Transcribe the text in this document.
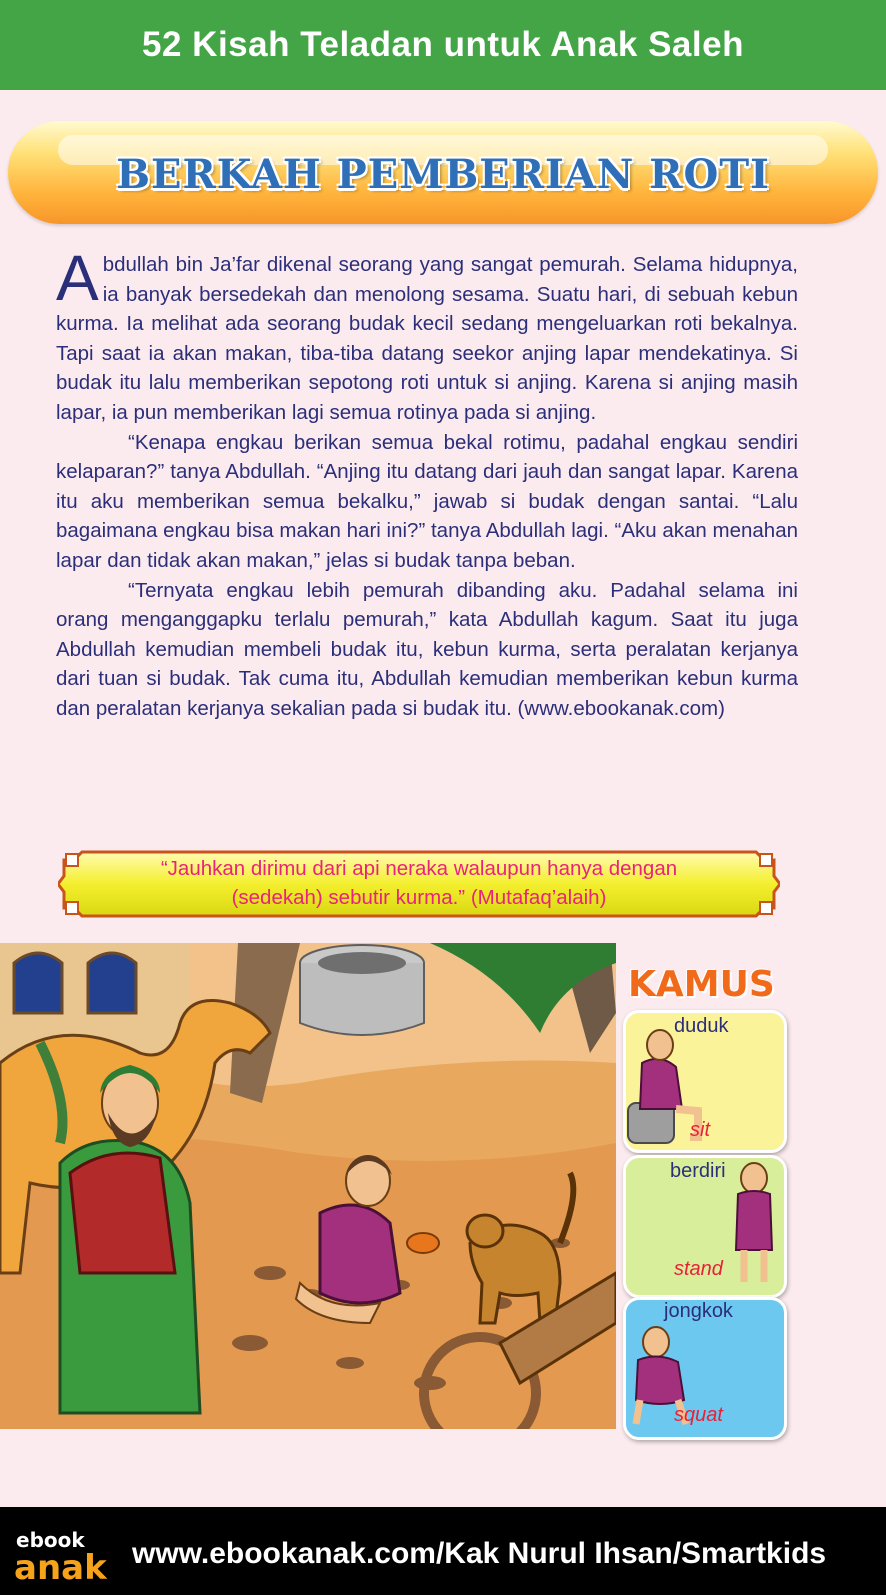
52 Kisah Teladan untuk Anak Saleh
BERKAH PEMBERIAN ROTI

Abdullah bin Ja’far dikenal seorang yang sangat pemurah. Selama hidupnya, ia banyak bersedekah dan menolong sesama. Suatu hari, di sebuah kebun kurma. Ia melihat ada seorang budak kecil sedang mengeluarkan roti bekalnya. Tapi saat ia akan makan, tiba-tiba datang seekor anjing lapar mendekatinya. Si budak itu lalu memberikan sepotong roti untuk si anjing. Karena si anjing masih lapar, ia pun memberikan lagi semua rotinya pada si anjing.

“Kenapa engkau berikan semua bekal rotimu, padahal engkau sendiri kelaparan?” tanya Abdullah. “Anjing itu datang dari jauh dan sangat lapar. Karena itu aku memberikan semua bekalku,” jawab si budak dengan santai. “Lalu bagaimana engkau bisa makan hari ini?” tanya Abdullah lagi. “Aku akan menahan lapar dan tidak akan makan,” jelas si budak tanpa beban.

“Ternyata engkau lebih pemurah dibanding aku. Padahal selama ini orang menganggapku terlalu pemurah,” kata Abdullah kagum. Saat itu juga Abdullah kemudian membeli budak itu, kebun kurma, serta peralatan kerjanya dari tuan si budak. Tak cuma itu, Abdullah kemudian memberikan kebun kurma dan peralatan kerjanya sekalian pada si budak itu. (www.ebookanak.com)

“Jauhkan dirimu dari api neraka walaupun hanya dengan
(sedekah) sebutir kurma.” (Mutafaq’alaih)
KAMUS
duduk
sit
berdiri
stand
jongkok
squat
ebook
anak www.ebookanak.com/Kak Nurul Ihsan/Smartkids
